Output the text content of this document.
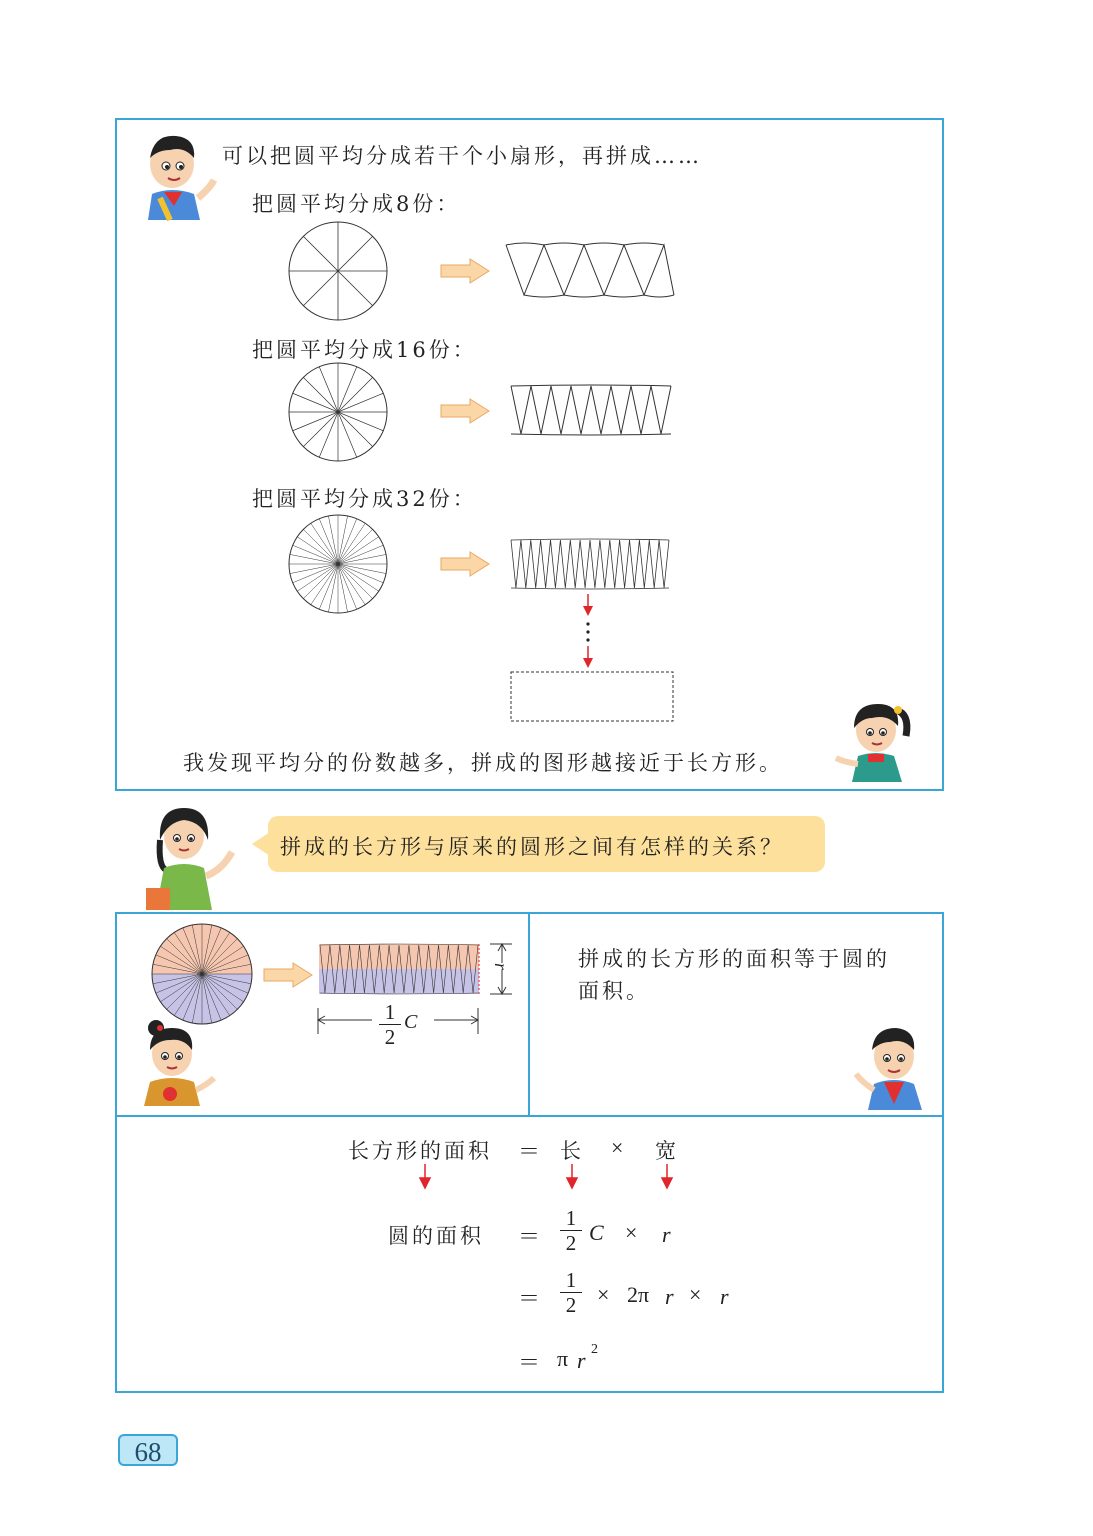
可以把圆平均分成若干个小扇形，再拼成……
把圆平均分成8份：
把圆平均分成16份：
把圆平均分成32份：
我发现平均分的份数越多，拼成的图形越接近于长方形。
拼成的长方形与原来的圆形之间有怎样的关系？
r
1
2
C
拼成的长方形的面积等于圆的
面积。
长方形的面积 ＝ 长 × 宽
圆的面积 ＝
1
2 C × r
＝
1
2 × 2π r × r
＝ π r 2
68
